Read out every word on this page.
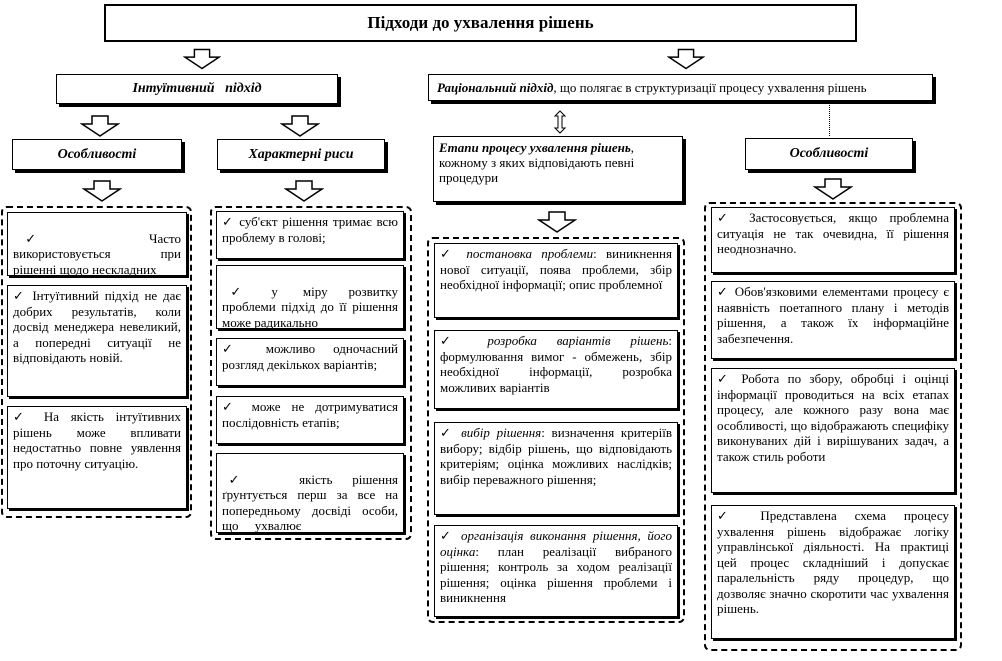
Підходи до ухвалення рішень
Інтуїтивний   підхід	Раціональний підхід, що полягає в структуризації процесу ухвалення рішень
Особливості	Характерні риси	Етапи процесу ухвалення рішень, кожному з яких відповідають певні процедури
Особливості

✓                  Часто використовується      при рішенні щодо нескладних

✓ Інтуїтивний підхід не дає добрих результатів, коли досвід менеджера невеликий, а попередні ситуації не відповідають новій.
✓ На якість інтуїтивних рішень може впливати недостатньо повне уявлення про поточну ситуацію.
✓ суб'єкт рішення тримає всю проблему в голові;

✓       у      міру     розвитку проблеми підхід до її рішення може радикально

✓ можливо одночасний розгляд декількох варіантів;
✓ може не дотримуватися послідовність етапів;

✓                  якість      рішення ґрунтується перш за все на попередньому досвіді особи,     що     ухвалює

✓ постановка проблеми: виникнення нової ситуації, поява проблеми, збір необхідної інформації; опис проблемної
✓ розробка варіантів рішень: формулювання вимог - обмежень, збір необхідної інформації, розробка можливих варіантів
✓ вибір рішення: визначення критеріїв вибору; відбір рішень, що відповідають критеріям; оцінка можливих наслідків; вибір переважного рішення;
✓ організація виконання рішення, його оцінка: план реалізації вибраного рішення; контроль за ходом реалізації рішення; оцінка рішення проблеми і виникнення
✓ Застосовується, якщо проблемна ситуація не так очевидна, її рішення неоднозначно.
✓ Обов'язковими елементами процесу є наявність поетапного плану і методів рішення, а також їх інформаційне забезпечення.
✓ Робота по збору, обробці і оцінці інформації проводиться на всіх етапах процесу, але кожного разу вона має особливості, що відображають специфіку виконуваних дій і вирішуваних задач, а також стиль роботи
✓ Представлена схема процесу ухвалення рішень відображає логіку управлінської діяльності. На практиці цей процес складніший і допускає паралельність ряду процедур, що дозволяє значно скоротити час ухвалення рішень.
